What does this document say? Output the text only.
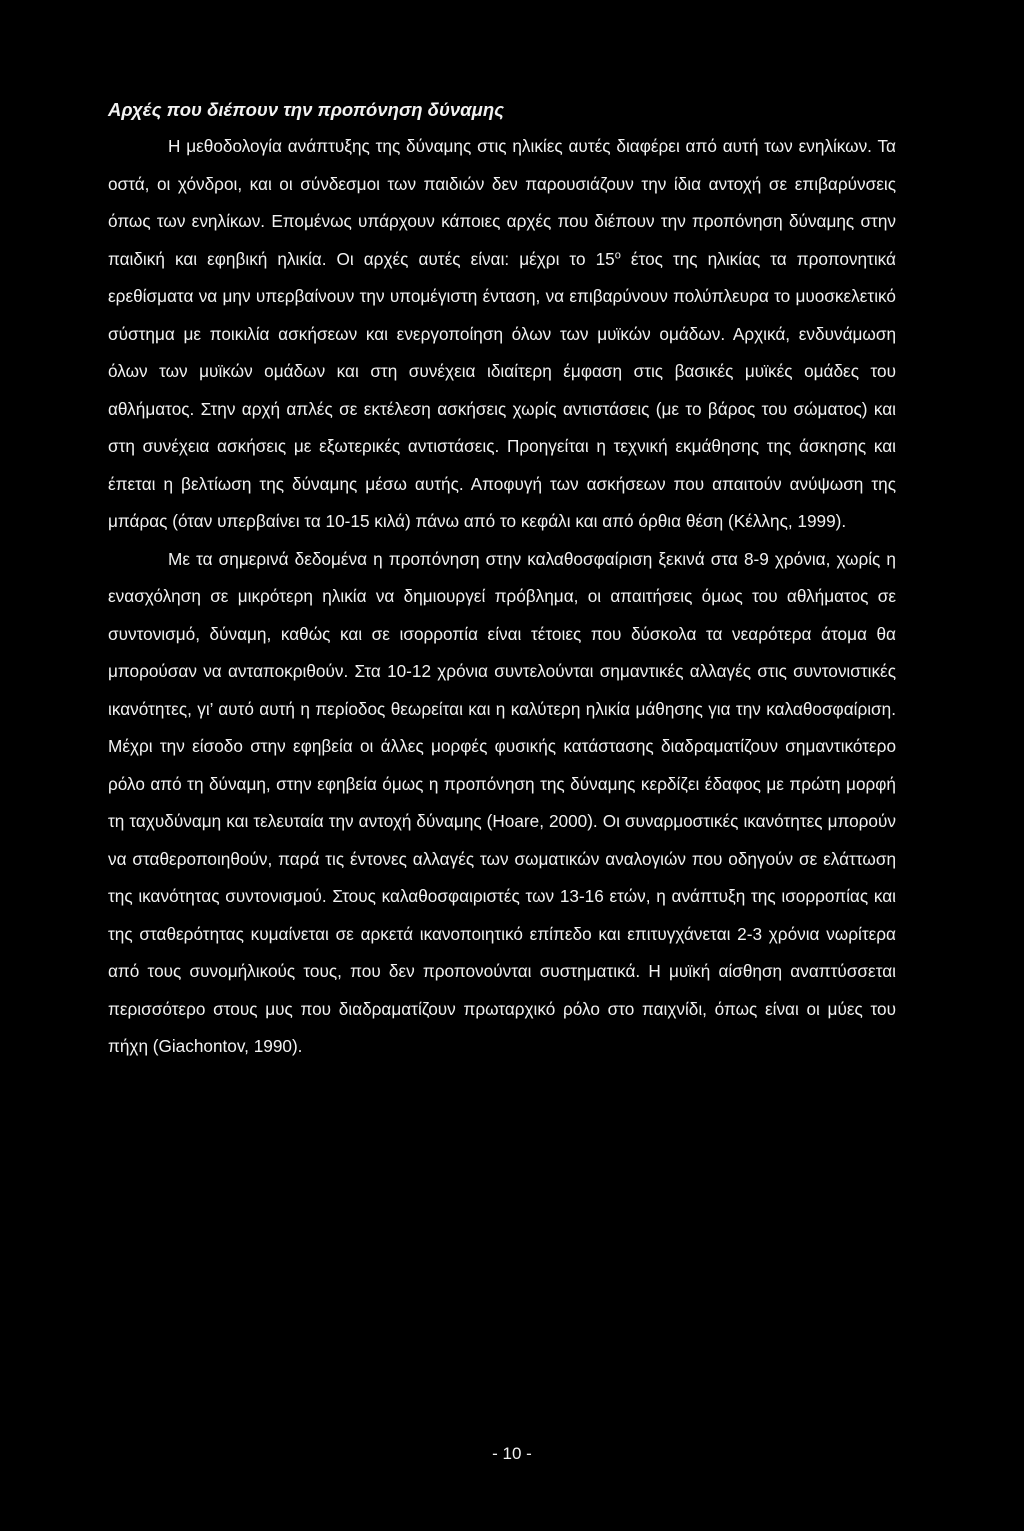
Αρχές που διέπουν την προπόνηση δύναμης

Η μεθοδολογία ανάπτυξης της δύναμης στις ηλικίες αυτές διαφέρει από αυτή των ενηλίκων. Τα οστά, οι χόνδροι, και οι σύνδεσμοι των παιδιών δεν παρουσιάζουν την ίδια αντοχή σε επιβαρύνσεις όπως των ενηλίκων. Επομένως υπάρχουν κάποιες αρχές που διέπουν την προπόνηση δύναμης στην παιδική και εφηβική ηλικία. Οι αρχές αυτές είναι: μέχρι το $15^o$ έτος της ηλικίας τα προπονητικά ερεθίσματα να μην υπερβαίνουν την υπομέγιστη ένταση, να επιβαρύνουν πολύπλευρα το μυοσκελετικό σύστημα με ποικιλία ασκήσεων και ενεργοποίηση όλων των μυϊκών ομάδων. Αρχικά, ενδυνάμωση όλων των μυϊκών ομάδων και στη συνέχεια ιδιαίτερη έμφαση στις βασικές μυϊκές ομάδες του αθλήματος. Στην αρχή απλές σε εκτέλεση ασκήσεις χωρίς αντιστάσεις (με το βάρος του σώματος) και στη συνέχεια ασκήσεις με εξωτερικές αντιστάσεις. Προηγείται η τεχνική εκμάθησης της άσκησης και έπεται η βελτίωση της δύναμης μέσω αυτής. Αποφυγή των ασκήσεων που απαιτούν ανύψωση της μπάρας (όταν υπερβαίνει τα 10-15 κιλά) πάνω από το κεφάλι και από όρθια θέση (Κέλλης, 1999).

Με τα σημερινά δεδομένα η προπόνηση στην καλαθοσφαίριση ξεκινά στα 8-9 χρόνια, χωρίς η ενασχόληση σε μικρότερη ηλικία να δημιουργεί πρόβλημα, οι απαιτήσεις όμως του αθλήματος σε συντονισμό, δύναμη, καθώς και σε ισορροπία είναι τέτοιες που δύσκολα τα νεαρότερα άτομα θα μπορούσαν να ανταποκριθούν. Στα 10-12 χρόνια συντελούνται σημαντικές αλλαγές στις συντονιστικές ικανότητες, γι’ αυτό αυτή η περίοδος θεωρείται και η καλύτερη ηλικία μάθησης για την καλαθοσφαίριση. Μέχρι την είσοδο στην εφηβεία οι άλλες μορφές φυσικής κατάστασης διαδραματίζουν σημαντικότερο ρόλο από τη δύναμη, στην εφηβεία όμως η προπόνηση της δύναμης κερδίζει έδαφος με πρώτη μορφή τη ταχυδύναμη και τελευταία την αντοχή δύναμης (Hoare, 2000). Οι συναρμοστικές ικανότητες μπορούν να σταθεροποιηθούν, παρά τις έντονες αλλαγές των σωματικών αναλογιών που οδηγούν σε ελάττωση της ικανότητας συντονισμού. Στους καλαθοσφαιριστές των 13-16 ετών, η ανάπτυξη της ισορροπίας και της σταθερότητας κυμαίνεται σε αρκετά ικανοποιητικό επίπεδο και επιτυγχάνεται 2-3 χρόνια νωρίτερα από τους συνομήλικούς τους, που δεν προπονούνται συστηματικά. Η μυϊκή αίσθηση αναπτύσσεται περισσότερο στους μυς που διαδραματίζουν πρωταρχικό ρόλο στο παιχνίδι, όπως είναι οι μύες του πήχη (Giachontov, 1990).

- 10 -
